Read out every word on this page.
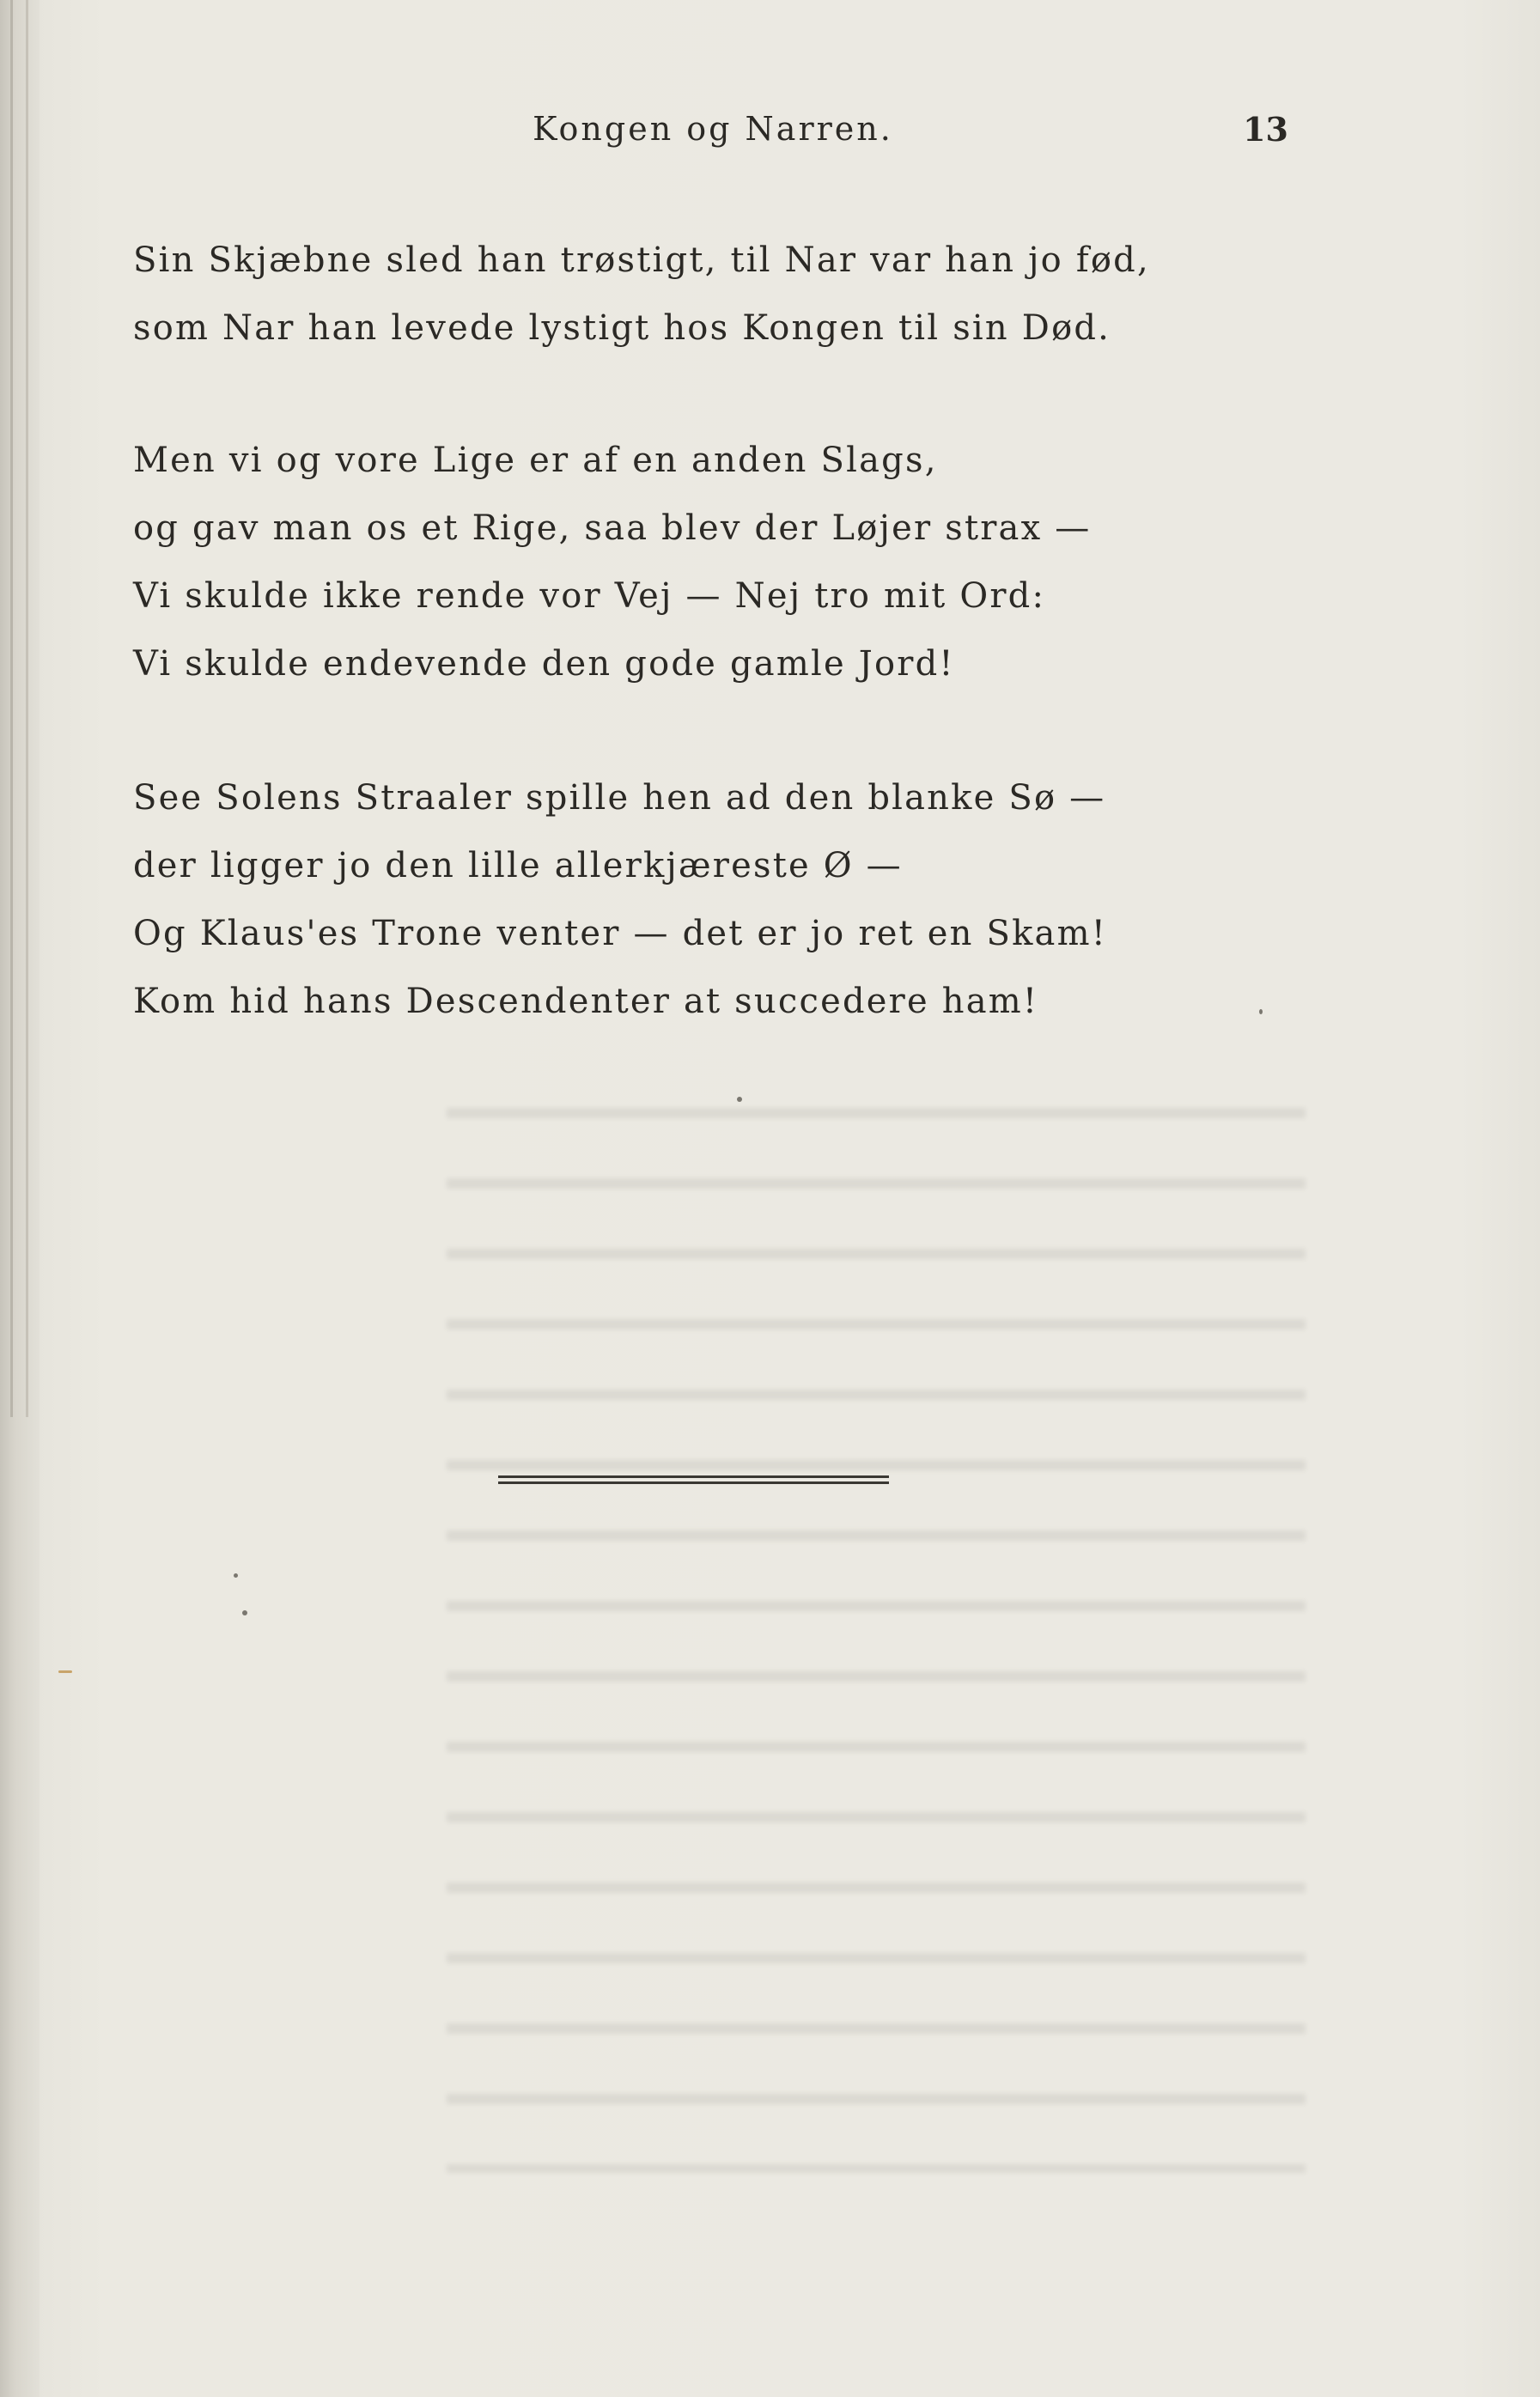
Kongen og Narren.	13
Sin Skjæbne sled han trøstigt, til Nar var han jo fød,
som Nar han levede lystigt hos Kongen til sin Død.
Men vi og vore Lige er af en anden Slags,
og gav man os et Rige, saa blev der Løjer strax —
Vi skulde ikke rende vor Vej — Nej tro mit Ord:
Vi skulde endevende den gode gamle Jord!
See Solens Straaler spille hen ad den blanke Sø —
der ligger jo den lille allerkjæreste Ø —
Og Klaus'es Trone venter — det er jo ret en Skam!
Kom hid hans Descendenter at succedere ham!
